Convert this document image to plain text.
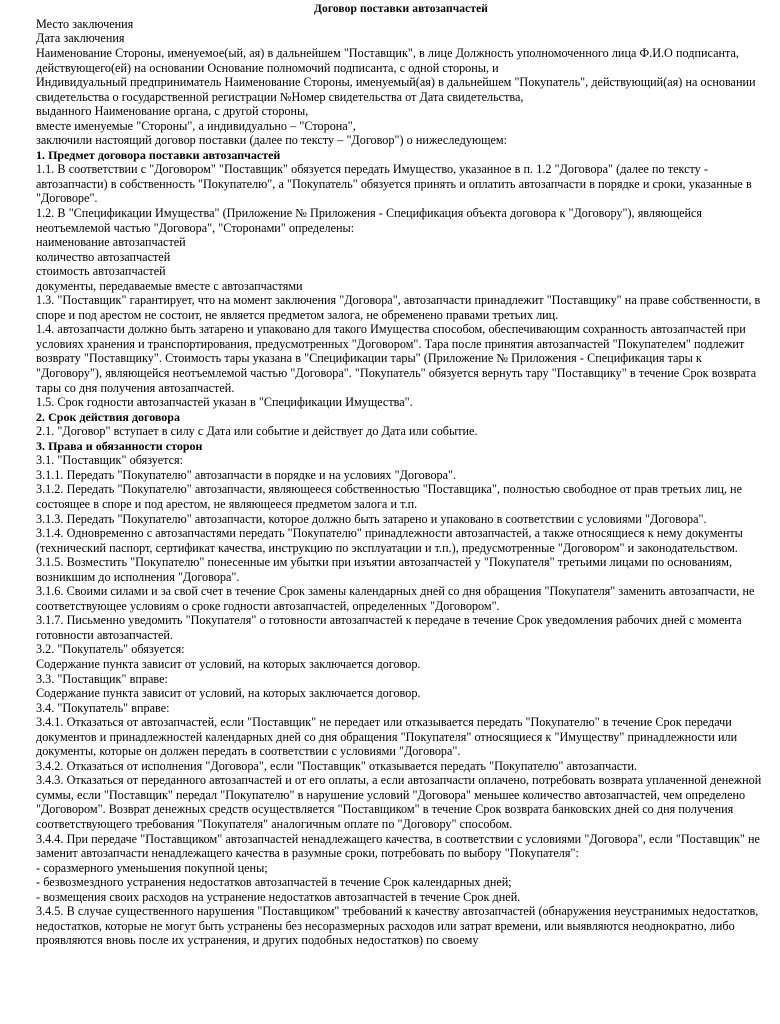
Договор поставки автозапчастей

Место заключения

Дата заключения

Наименование Стороны, именуемое(ый, ая) в дальнейшем "Поставщик", в лице Должность уполномоченного лица Ф.И.О подписанта, действующего(ей) на основании Основание полномочий подписанта, с одной стороны, и

Индивидуальный предприниматель Наименование Стороны, именуемый(ая) в дальнейшем "Покупатель", действующий(ая) на основании свидетельства о государственной регистрации №Номер свидетельства от Дата свидетельства,

выданного Наименование органа, с другой стороны,

вместе именуемые "Стороны", а индивидуально – "Сторона",

заключили настоящий договор поставки (далее по тексту – "Договор") о нижеследующем:

1. Предмет договора поставки автозапчастей

1.1. В соответствии с "Договором" "Поставщик" обязуется передать Имущество, указанное в п. 1.2 "Договора" (далее по тексту - автозапчасти) в собственность "Покупателю", а "Покупатель" обязуется принять и оплатить автозапчасти в порядке и сроки, указанные в "Договоре".

1.2. В "Спецификации Имущества" (Приложение № Приложения - Спецификация объекта договора к "Договору"), являющейся неотъемлемой частью "Договора", "Сторонами" определены:

наименование автозапчастей

количество автозапчастей

стоимость автозапчастей

документы, передаваемые вместе с автозапчастями

1.3. "Поставщик" гарантирует, что на момент заключения "Договора", автозапчасти принадлежит "Поставщику" на праве собственности, в споре и под арестом не состоит, не является предметом залога, не обременено правами третьих лиц.

1.4. автозапчасти должно быть затарено и упаковано для такого Имущества способом, обеспечивающим сохранность автозапчастей при условиях хранения и транспортирования, предусмотренных "Договором". Тара после принятия автозапчастей "Покупателем" подлежит возврату "Поставщику". Стоимость тары указана в "Спецификации тары" (Приложение № Приложения - Спецификация тары к "Договору"), являющейся неотъемлемой частью "Договора". "Покупатель" обязуется вернуть тару "Поставщику" в течение Срок возврата тары со дня получения автозапчастей.

1.5. Срок годности автозапчастей указан в "Спецификации Имущества".

2. Срок действия договора

2.1. "Договор" вступает в силу с Дата или событие и действует до Дата или событие.

3. Права и обязанности сторон

3.1. "Поставщик" обязуется:

3.1.1. Передать "Покупателю" автозапчасти в порядке и на условиях "Договора".

3.1.2. Передать "Покупателю" автозапчасти, являющееся собственностью "Поставщика", полностью свободное от прав третьих лиц, не состоящее в споре и под арестом, не являющееся предметом залога и т.п.

3.1.3. Передать "Покупателю" автозапчасти, которое должно быть затарено и упаковано в соответствии с условиями "Договора".

3.1.4. Одновременно с автозапчастями передать "Покупателю" принадлежности автозапчастей, а также относящиеся к нему документы (технический паспорт, сертификат качества, инструкцию по эксплуатации и т.п.), предусмотренные "Договором" и законодательством.

3.1.5. Возместить "Покупателю" понесенные им убытки при изъятии автозапчастей у "Покупателя" третьими лицами по основаниям, возникшим до исполнения "Договора".

3.1.6. Своими силами и за свой счет в течение Срок замены календарных дней со дня обращения "Покупателя" заменить автозапчасти, не соответствующее условиям о сроке годности автозапчастей, определенных "Договором".

3.1.7. Письменно уведомить "Покупателя" о готовности автозапчастей к передаче в течение Срок уведомления рабочих дней с момента готовности автозапчастей.

3.2. "Покупатель" обязуется:

Содержание пункта зависит от условий, на которых заключается договор.

3.3. "Поставщик" вправе:

Содержание пункта зависит от условий, на которых заключается договор.

3.4. "Покупатель" вправе:

3.4.1. Отказаться от автозапчастей, если "Поставщик" не передает или отказывается передать "Покупателю" в течение Срок передачи документов и принадлежностей календарных дней со дня обращения "Покупателя" относящиеся к "Имуществу" принадлежности или документы, которые он должен передать в соответствии с условиями "Договора".

3.4.2. Отказаться от исполнения "Договора", если "Поставщик" отказывается передать "Покупателю" автозапчасти.

3.4.3. Отказаться от переданного автозапчастей и от его оплаты, а если автозапчасти оплачено, потребовать возврата уплаченной денежной суммы, если "Поставщик" передал "Покупателю" в нарушение условий "Договора" меньшее количество автозапчастей, чем определено "Договором". Возврат денежных средств осуществляется "Поставщиком" в течение Срок возврата банковских дней со дня получения соответствующего требования "Покупателя" аналогичным оплате по "Договору" способом.

3.4.4. При передаче "Поставщиком" автозапчастей ненадлежащего качества, в соответствии с условиями "Договора", если "Поставщик" не заменит автозапчасти ненадлежащего качества в разумные сроки, потребовать по выбору "Покупателя":

- соразмерного уменьшения покупной цены;

- безвозмездного устранения недостатков автозапчастей в течение Срок календарных дней;

- возмещения своих расходов на устранение недостатков автозапчастей в течение Срок дней.

3.4.5. В случае существенного нарушения "Поставщиком" требований к качеству автозапчастей (обнаружения неустранимых недостатков, недостатков, которые не могут быть устранены без несоразмерных расходов или затрат времени, или выявляются неоднократно, либо проявляются вновь после их устранения, и других подобных недостатков) по своему
